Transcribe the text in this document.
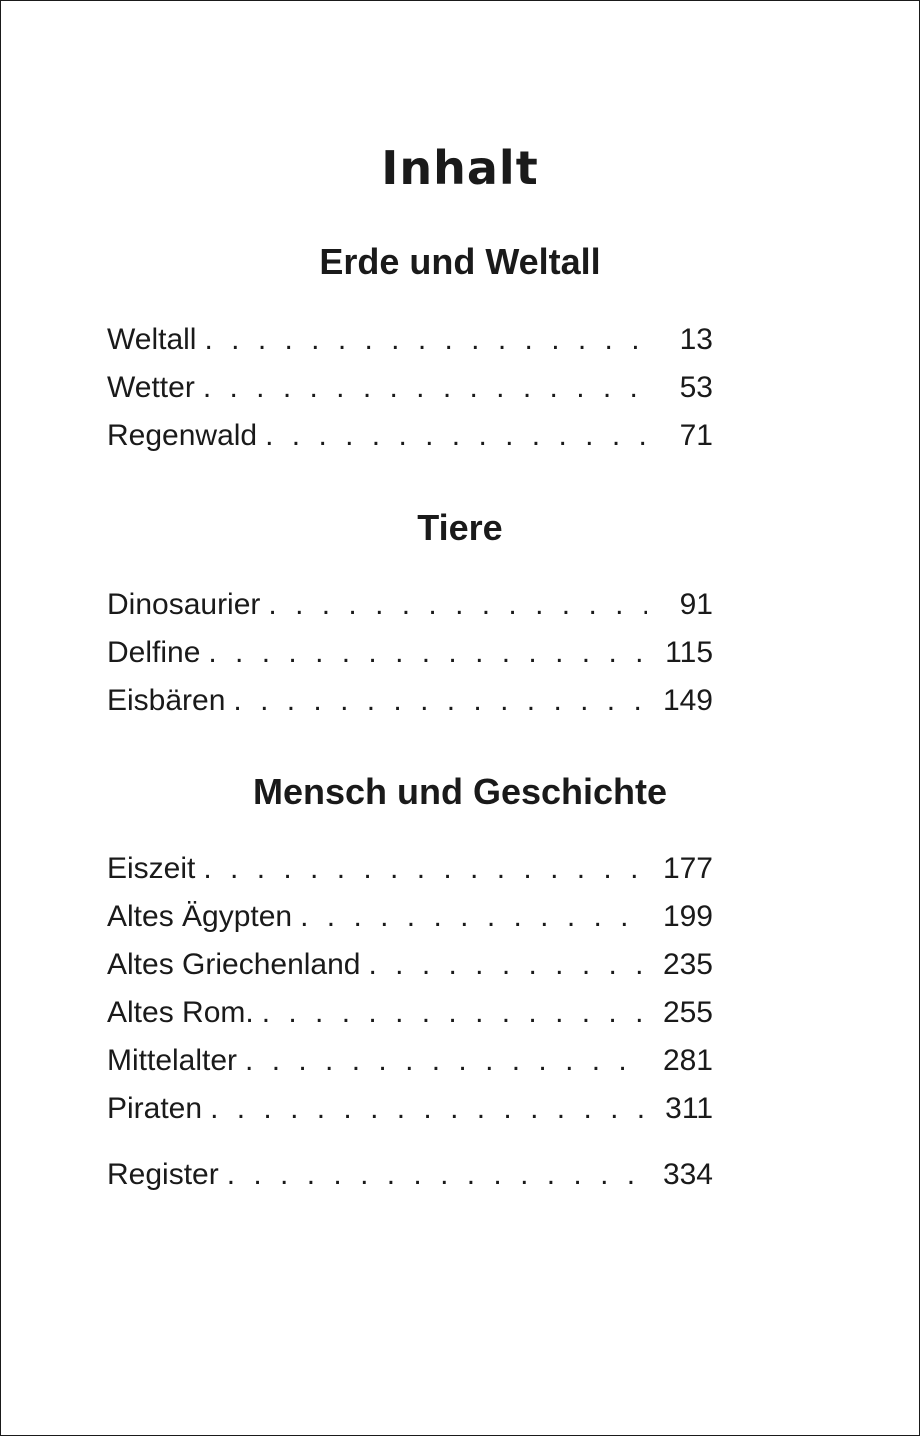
Inhalt
Erde und Weltall
Weltall . . .	13
Wetter . . .	53
Regenwald . . .	71
Tiere
Dinosaurier . . .	91
Delfine . . .	115
Eisbären . . .	149
Mensch und Geschichte
Eiszeit . . .	177
Altes Ägypten . . .	199
Altes Griechenland . . .	235
Altes Rom. . . .	255
Mittelalter . . .	281
Piraten . . .	311
Register . . .	334
